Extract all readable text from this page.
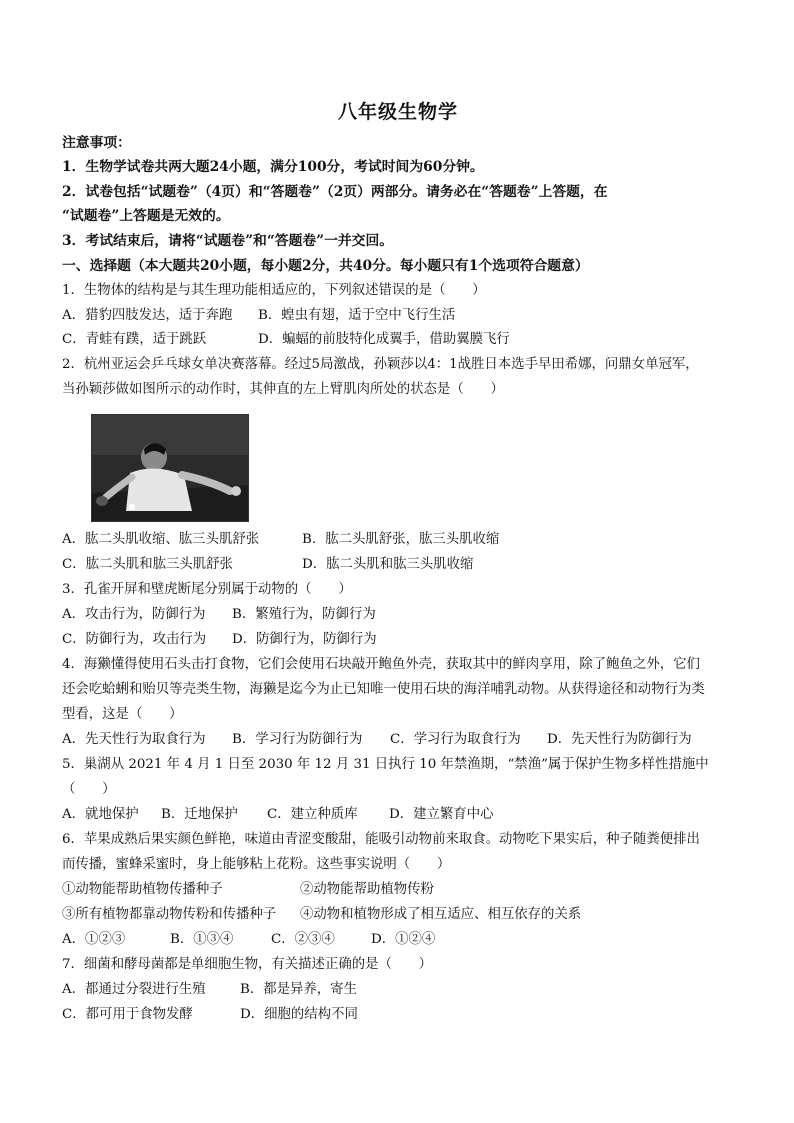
八年级生物学
注意事项：
1．生物学试卷共两大题24小题，满分100分，考试时间为60分钟。
2．试卷包括“试题卷”（4页）和“答题卷”（2页）两部分。请务必在“答题卷”上答题，在
“试题卷”上答题是无效的。
3．考试结束后，请将“试题卷”和“答题卷”一并交回。
一、选择题（本大题共20小题，每小题2分，共40分。每小题只有1个选项符合题意）
1．生物体的结构是与其生理功能相适应的，下列叙述错误的是（　　）
A．猎豹四肢发达，适于奔跑 B．蝗虫有翅，适于空中飞行生活
C．青蛙有蹼，适于跳跃	D．蝙蝠的前肢特化成翼手，借助翼膜飞行
2．杭州亚运会乒乓球女单决赛落幕。经过5局激战，孙颖莎以4：1战胜日本选手早田希娜，问鼎女单冠军，
当孙颖莎做如图所示的动作时，其伸直的左上臂肌肉所处的状态是（　　）
A．肱二头肌收缩、肱三头肌舒张	B．肱二头肌舒张，肱三头肌收缩
C．肱二头肌和肱三头肌舒张	D．肱二头肌和肱三头肌收缩
3．孔雀开屏和壁虎断尾分别属于动物的（　　）
A．攻击行为，防御行为 B．繁殖行为，防御行为
C．防御行为，攻击行为 D．防御行为，防御行为
4．海獭懂得使用石头击打食物，它们会使用石块敲开鲍鱼外壳，获取其中的鲜肉享用，除了鲍鱼之外，它们
还会吃蛤蜊和贻贝等壳类生物，海獭是迄今为止已知唯一使用石块的海洋哺乳动物。从获得途径和动物行为类
型看，这是（　　）
A．先天性行为取食行为 B．学习行为防御行为 C．学习行为取食行为 D．先天性行为防御行为
5．巢湖从 2021 年 4 月 1 日至 2030 年 12 月 31 日执行 10 年禁渔期，“禁渔”属于保护生物多样性措施中
（　　）
A．就地保护 B．迁地保护 C．建立种质库 D．建立繁育中心
6．苹果成熟后果实颜色鲜艳，味道由青涩变酸甜，能吸引动物前来取食。动物吃下果实后，种子随粪便排出
而传播，蜜蜂采蜜时，身上能够粘上花粉。这些事实说明（　　）
①动物能帮助植物传播种子	②动物能帮助植物传粉
③所有植物都靠动物传粉和传播种子 ④动物和植物形成了相互适应、相互依存的关系
A．①②③	B．①③④	C．②③④	D．①②④
7．细菌和酵母菌都是单细胞生物，有关描述正确的是（　　）
A．都通过分裂进行生殖	B．都是异养，寄生
C．都可用于食物发酵	D．细胞的结构不同
